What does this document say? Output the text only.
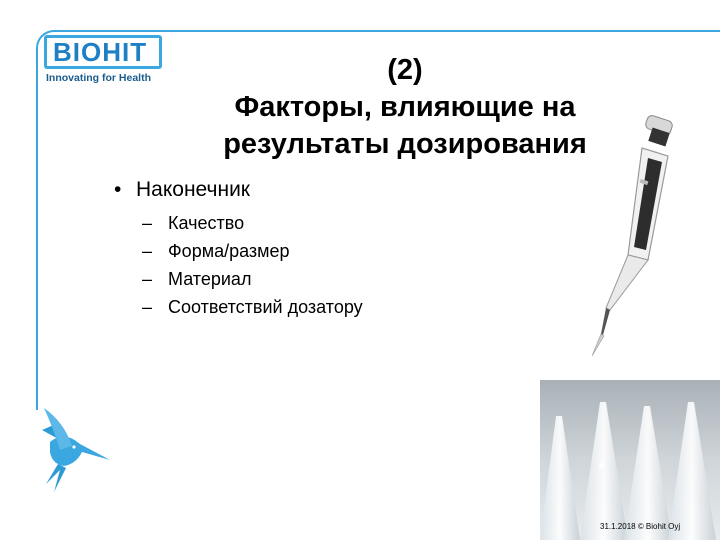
BIOHIT
Innovating for Health	(2)
Факторы, влияющие на
результаты дозирования
• Наконечник
– Качество
– Форма/размер
– Материал
– Соответствий дозатору
31.1.2018 © Biohit Oyj
